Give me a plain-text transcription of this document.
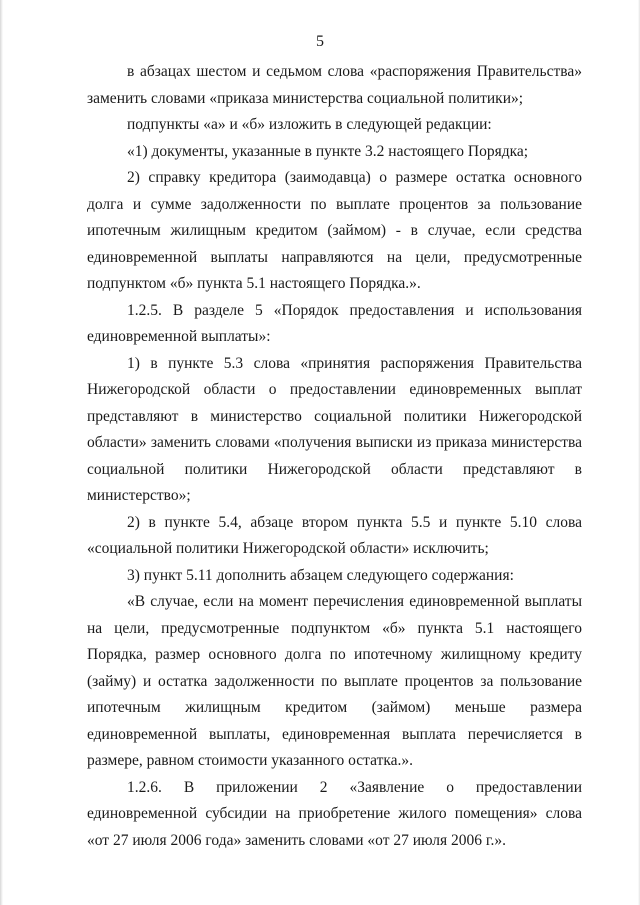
5

в абзацах шестом и седьмом слова «распоряжения Правительства» заменить словами «приказа министерства социальной политики»;

подпункты «а» и «б» изложить в следующей редакции:

«1) документы, указанные в пункте 3.2 настоящего Порядка;

2) справку кредитора (заимодавца) о размере остатка основного долга и сумме задолженности по выплате процентов за пользование ипотечным жилищным кредитом (займом) - в случае, если средства единовременной выплаты направляются на цели, предусмотренные подпунктом «б» пункта 5.1 настоящего Порядка.».

1.2.5. В разделе 5 «Порядок предоставления и использования единовременной выплаты»:

1) в пункте 5.3 слова «принятия распоряжения Правительства Нижегородской области о предоставлении единовременных выплат представляют в министерство социальной политики Нижегородской области» заменить словами «получения выписки из приказа министерства социальной политики Нижегородской области представляют в министерство»;

2) в пункте 5.4, абзаце втором пункта 5.5 и пункте 5.10 слова «социальной политики Нижегородской области» исключить;

3) пункт 5.11 дополнить абзацем следующего содержания:

«В случае, если на момент перечисления единовременной выплаты на цели, предусмотренные подпунктом «б» пункта 5.1 настоящего Порядка, размер основного долга по ипотечному жилищному кредиту (займу) и остатка задолженности по выплате процентов за пользование ипотечным жилищным кредитом (займом) меньше размера единовременной выплаты, единовременная выплата перечисляется в размере, равном стоимости указанного остатка.».

1.2.6. В приложении 2 «Заявление о предоставлении единовременной субсидии на приобретение жилого помещения» слова «от 27 июля 2006 года» заменить словами «от 27 июля 2006 г.».
